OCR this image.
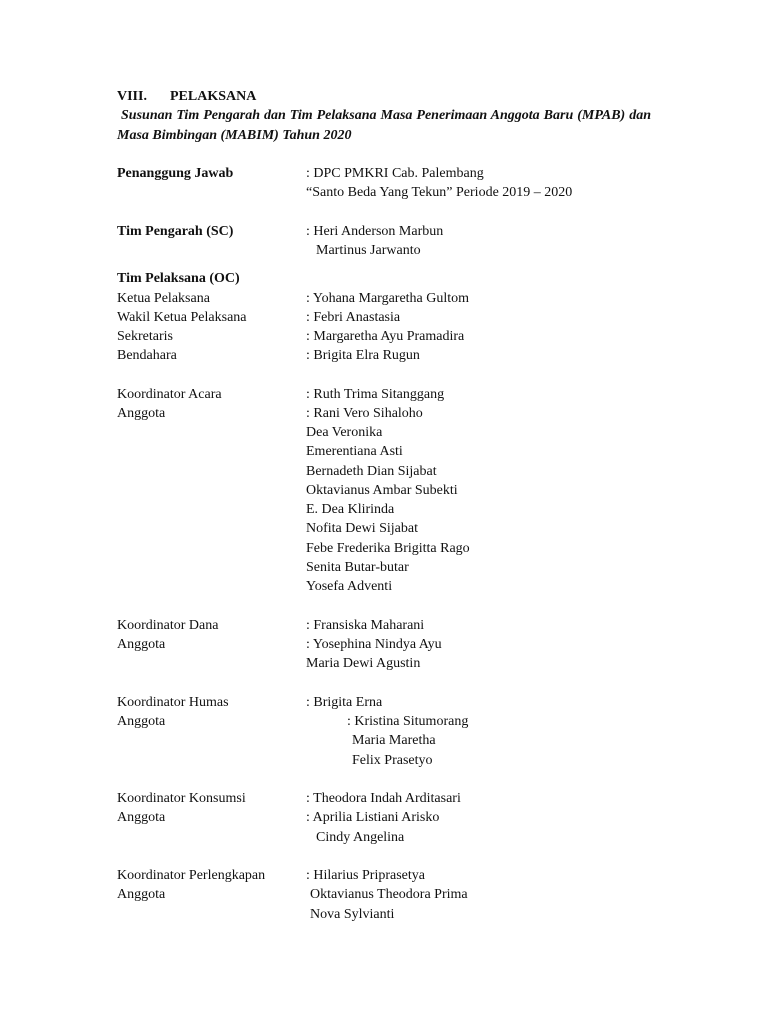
VIII. PELAKSANA
Susunan Tim Pengarah dan Tim Pelaksana Masa Penerimaan Anggota Baru (MPAB) dan Masa Bimbingan (MABIM) Tahun 2020
Penanggung Jawab	: DPC PMKRI Cab. Palembang
“Santo Beda Yang Tekun” Periode 2019 – 2020
Tim Pengarah (SC)	: Heri Anderson Marbun
Martinus Jarwanto
Tim Pelaksana (OC)
Ketua Pelaksana	: Yohana Margaretha Gultom
Wakil Ketua Pelaksana	: Febri Anastasia
Sekretaris	: Margaretha Ayu Pramadira
Bendahara	: Brigita Elra Rugun
Koordinator Acara	: Ruth Trima Sitanggang
Anggota	: Rani Vero Sihaloho
Dea Veronika
Emerentiana Asti
Bernadeth Dian Sijabat
Oktavianus Ambar Subekti
E. Dea Klirinda
Nofita Dewi Sijabat
Febe Frederika Brigitta Rago
Senita Butar-butar
Yosefa Adventi
Koordinator Dana	: Fransiska Maharani
Anggota	: Yosephina Nindya Ayu
Maria Dewi Agustin
Koordinator Humas	: Brigita Erna
Anggota	: Kristina Situmorang
Maria Maretha
Felix Prasetyo
Koordinator Konsumsi	: Theodora Indah Arditasari
Anggota	: Aprilia Listiani Arisko
Cindy Angelina
Koordinator Perlengkapan	: Hilarius Priprasetya
Anggota	Oktavianus Theodora Prima
Nova Sylvianti
